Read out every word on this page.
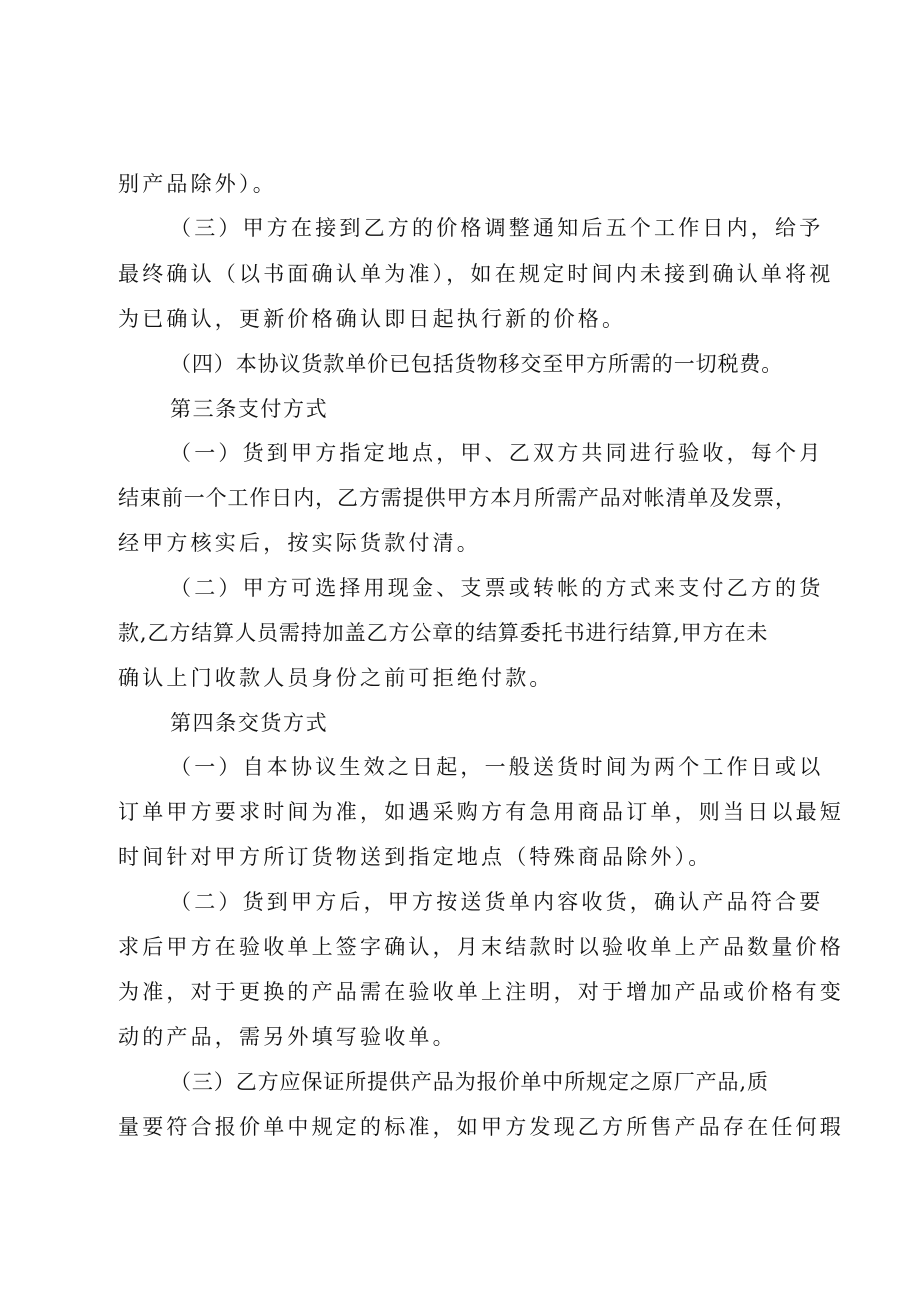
别产品除外）。
（三）甲方在接到乙方的价格调整通知后五个工作日内，给予
最终确认（以书面确认单为准），如在规定时间内未接到确认单将视
为已确认，更新价格确认即日起执行新的价格。
（四）本协议货款单价已包括货物移交至甲方所需的一切税费。
第三条支付方式
（一）货到甲方指定地点，甲、乙双方共同进行验收，每个月
结束前一个工作日内，乙方需提供甲方本月所需产品对帐清单及发票，
经甲方核实后，按实际货款付清。
（二）甲方可选择用现金、支票或转帐的方式来支付乙方的货
款,乙方结算人员需持加盖乙方公章的结算委托书进行结算,甲方在未
确认上门收款人员身份之前可拒绝付款。
第四条交货方式
（一）自本协议生效之日起，一般送货时间为两个工作日或以
订单甲方要求时间为准，如遇采购方有急用商品订单，则当日以最短
时间针对甲方所订货物送到指定地点（特殊商品除外）。
（二）货到甲方后，甲方按送货单内容收货，确认产品符合要
求后甲方在验收单上签字确认，月末结款时以验收单上产品数量价格
为准，对于更换的产品需在验收单上注明，对于增加产品或价格有变
动的产品，需另外填写验收单。
（三）乙方应保证所提供产品为报价单中所规定之原厂产品,质
量要符合报价单中规定的标准，如甲方发现乙方所售产品存在任何瑕
